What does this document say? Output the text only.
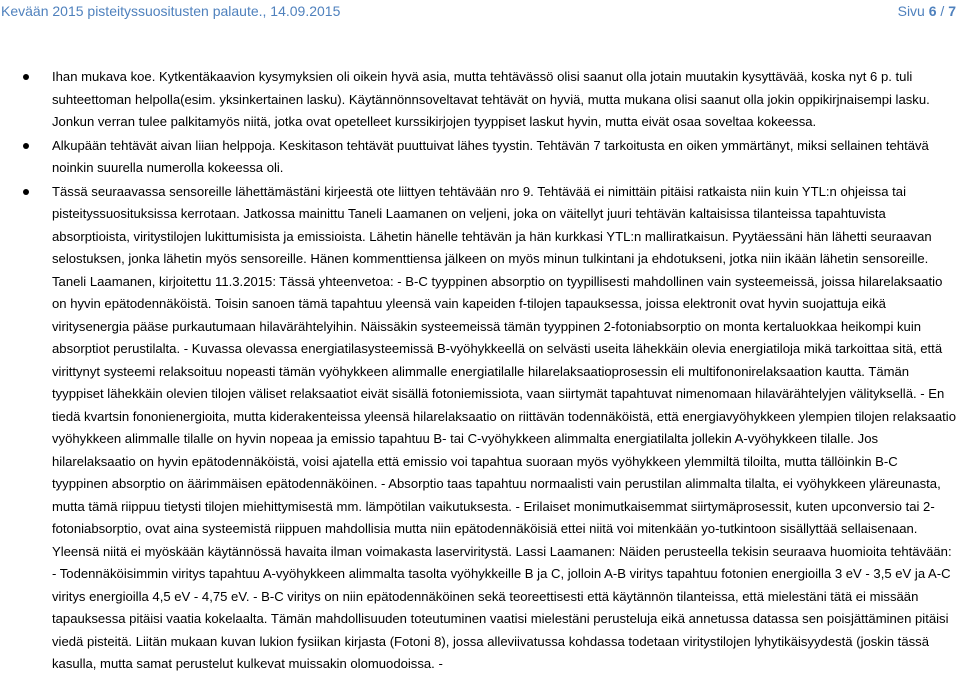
Kevään 2015 pisteityssuositusten palaute., 14.09.2015	Sivu 6 / 7
Ihan mukava koe. Kytkentäkaavion kysymyksien oli oikein hyvä asia, mutta tehtävässö olisi saanut olla jotain muutakin kysyttävää, koska nyt 6 p. tuli suhteettoman helpolla(esim. yksinkertainen lasku). Käytännönnsoveltavat tehtävät on hyviä, mutta mukana olisi saanut olla jokin oppikirjnaisempi lasku. Jonkun verran tulee palkitamyös niitä, jotka ovat opetelleet kurssikirjojen tyyppiset laskut hyvin, mutta eivät osaa soveltaa kokeessa.
Alkupään tehtävät aivan liian helppoja. Keskitason tehtävät puuttuivat lähes tyystin. Tehtävän 7 tarkoitusta en oiken ymmärtänyt, miksi sellainen tehtävä noinkin suurella numerolla kokeessa oli.
Tässä seuraavassa sensoreille lähettämästäni kirjeestä ote liittyen tehtävään nro 9. Tehtävää ei nimittäin pitäisi ratkaista niin kuin YTL:n ohjeissa tai pisteityssuosituksissa kerrotaan. Jatkossa mainittu Taneli Laamanen on veljeni, joka on väitellyt juuri tehtävän kaltaisissa tilanteissa tapahtuvista absorptioista, viritystilojen lukittumisista ja emissioista. Lähetin hänelle tehtävän ja hän kurkkasi YTL:n malliratkaisun. Pyytäessäni hän lähetti seuraavan selostuksen, jonka lähetin myös sensoreille. Hänen kommenttiensa jälkeen on myös minun tulkintani ja ehdotukseni, jotka niin ikään lähetin sensoreille. Taneli Laamanen, kirjoitettu 11.3.2015: Tässä yhteenvetoa: - B-C tyyppinen absorptio on tyypillisesti mahdollinen vain systeemeissä, joissa hilarelaksaatio on hyvin epätodennäköistä. Toisin sanoen tämä tapahtuu yleensä vain kapeiden f-tilojen tapauksessa, joissa elektronit ovat hyvin suojattuja eikä viritysenergia pääse purkautumaan hilavärähtelyihin. Näissäkin systeemeissä tämän tyyppinen 2-fotoniabsorptio on monta kertaluokkaa heikompi kuin absorptiot perustilalta. - Kuvassa olevassa energiatilasysteemissä B-vyöhykkeellä on selvästi useita lähekkäin olevia energiatiloja mikä tarkoittaa sitä, että virittynyt systeemi relaksoituu nopeasti tämän vyöhykkeen alimmalle energiatilalle hilarelaksaatioprosessin eli multifononirelaksaation kautta. Tämän tyyppiset lähekkäin olevien tilojen väliset relaksaatiot eivät sisällä fotoniemissiota, vaan siirtymät tapahtuvat nimenomaan hilavärähtelyjen välityksellä. - En tiedä kvartsin fononienergioita, mutta kiderakenteissa yleensä hilarelaksaatio on riittävän todennäköistä, että energiavyöhykkeen ylempien tilojen relaksaatio vyöhykkeen alimmalle tilalle on hyvin nopeaa ja emissio tapahtuu B- tai C-vyöhykkeen alimmalta energiatilalta jollekin A-vyöhykkeen tilalle. Jos hilarelaksaatio on hyvin epätodennäköistä, voisi ajatella että emissio voi tapahtua suoraan myös vyöhykkeen ylemmiltä tiloilta, mutta tällöinkin B-C tyyppinen absorptio on äärimmäisen epätodennäköinen. - Absorptio taas tapahtuu normaalisti vain perustilan alimmalta tilalta, ei vyöhykkeen yläreunasta, mutta tämä riippuu tietysti tilojen miehittymisestä mm. lämpötilan vaikutuksesta. - Erilaiset monimutkaisemmat siirtymäprosessit, kuten upconversio tai 2-fotoniabsorptio, ovat aina systeemistä riippuen mahdollisia mutta niin epätodennäköisiä ettei niitä voi mitenkään yo-tutkintoon sisällyttää sellaisenaan. Yleensä niitä ei myöskään käytännössä havaita ilman voimakasta laserviritystä. Lassi Laamanen: Näiden perusteella tekisin seuraava huomioita tehtävään: - Todennäköisimmin viritys tapahtuu A-vyöhykkeen alimmalta tasolta vyöhykkeille B ja C, jolloin A-B viritys tapahtuu fotonien energioilla 3 eV - 3,5 eV ja A-C viritys energioilla 4,5 eV - 4,75 eV. - B-C viritys on niin epätodennäköinen sekä teoreettisesti että käytännön tilanteissa, että mielestäni tätä ei missään tapauksessa pitäisi vaatia kokelaalta. Tämän mahdollisuuden toteutuminen vaatisi mielestäni perusteluja eikä annetussa datassa sen poisjättäminen pitäisi viedä pisteitä. Liitän mukaan kuvan lukion fysiikan kirjasta (Fotoni 8), jossa alleviivatussa kohdassa todetaan viritystilojen lyhytikäisyydestä (joskin tässä kasulla, mutta samat perustelut kulkevat muissakin olomuodoissa. -
